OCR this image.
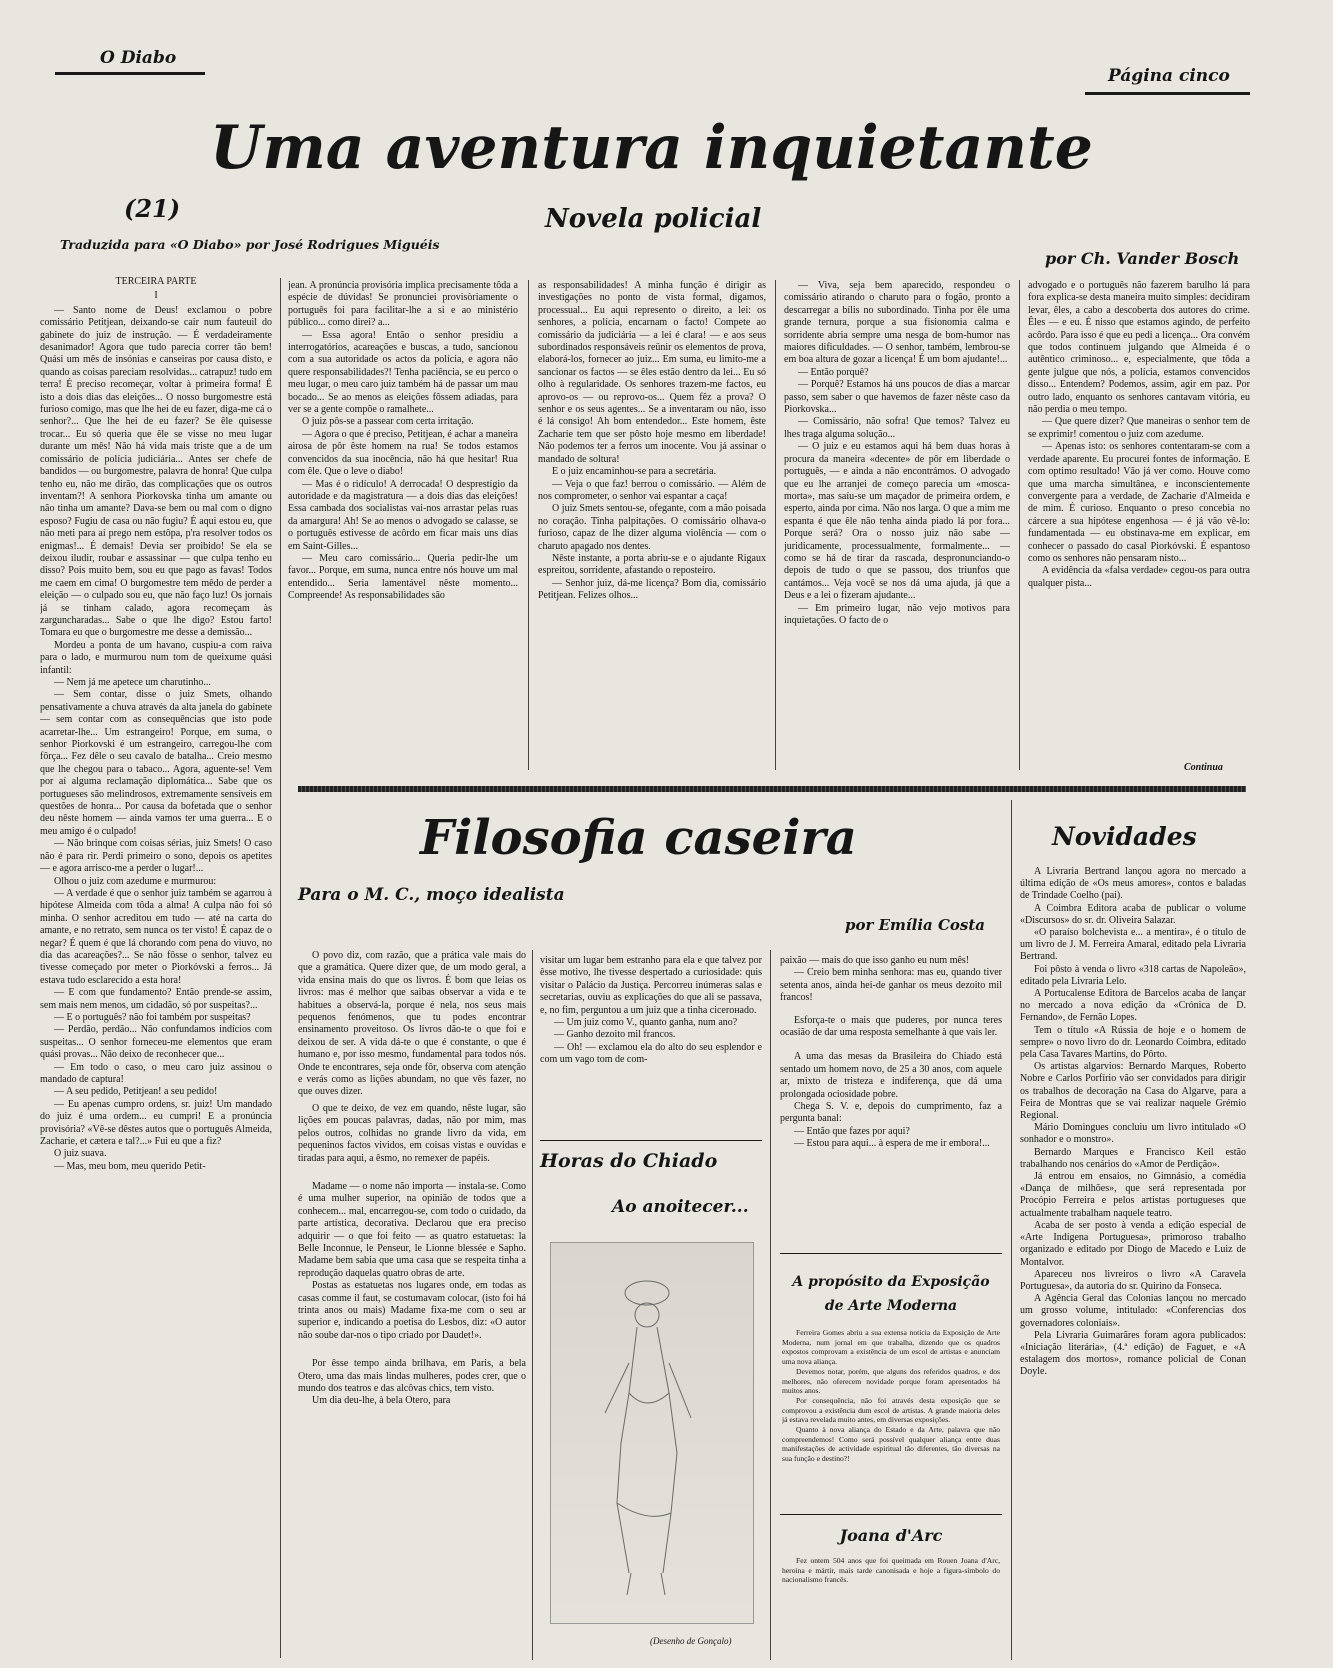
O Diabo
Página cinco
Uma aventura inquietante
(21)	Novela policial
Traduzida para «O Diabo» por José Rodrigues Miguéis
por Ch. Vander Bosch
TERCEIRA PARTE
I

— Santo nome de Deus! exclamou o pobre comissário Petitjean, deixando-se cair num fauteuil do gabinete do juiz de instrução. — É verdadeiramente desanimador! Agora que tudo parecia correr tão bem! Quási um mês de insónias e canseiras por causa disto, e quando as coisas pareciam resolvidas... catrapuz! tudo em terra! É preciso recomeçar, voltar à primeira forma! É isto a dois dias das eleições... O nosso burgomestre está furioso comigo, mas que lhe hei de eu fazer, diga-me cá o senhor?... Que lhe hei de eu fazer? Se êle quisesse trocar... Eu só queria que êle se visse no meu lugar durante um mês! Não há vida mais triste que a de um comissário de polícia judiciária... Antes ser chefe de bandidos — ou burgomestre, palavra de honra! Que culpa tenho eu, não me dirão, das complicações que os outros inventam?! A senhora Piorkovska tinha um amante ou não tinha um amante? Dava-se bem ou mal com o digno esposo? Fugiu de casa ou não fugiu? É aqui estou eu, que não meti para aí prego nem estôpa, p'ra resolver todos os enigmas!... É demais! Devia ser proibido! Se ela se deixou iludir, roubar e assassinar — que culpa tenho eu disso? Pois muito bem, sou eu que pago as favas! Todos me caem em cima! O burgomestre tem mêdo de perder a eleição — o culpado sou eu, que não faço luz! Os jornais já se tinham calado, agora recomeçam às zarguncharadas... Sabe o que lhe digo? Estou farto! Tomara eu que o burgomestre me desse a demissão...

Mordeu a ponta de um havano, cuspiu-a com raiva para o lado, e murmurou num tom de queixume quási infantil:

— Nem já me apetece um charutinho...

— Sem contar, disse o juiz Smets, olhando pensativamente a chuva através da alta janela do gabinete — sem contar com as consequências que isto pode acarretar-lhe... Um estrangeiro! Porque, em suma, o senhor Piorkovski é um estrangeiro, carregou-lhe com fôrça... Fez dêle o seu cavalo de batalha... Creio mesmo que lhe chegou para o tabaco... Agora, aguente-se! Vem por aí alguma reclamação diplomática... Sabe que os portugueses são melindrosos, extremamente sensíveis em questões de honra... Por causa da bofetada que o senhor deu nêste homem — ainda vamos ter uma guerra... E o meu amigo é o culpado!

— Não brinque com coisas sérias, juiz Smets! O caso não é para rir. Perdi primeiro o sono, depois os apetites — e agora arrisco-me a perder o lugar!...

Olhou o juiz com azedume e murmurou:

— A verdade é que o senhor juiz também se agarrou à hipótese Almeida com tôda a alma! A culpa não foi só minha. O senhor acreditou em tudo — até na carta do amante, e no retrato, sem nunca os ter visto! É capaz de o negar? É quem é que lá chorando com pena do viuvo, no dia das acareações?... Se não fôsse o senhor, talvez eu tivesse começado por meter o Piorkóvski a ferros... Já estava tudo esclarecido a esta hora!

— E com que fundamento? Então prende-se assim, sem mais nem menos, um cidadão, só por suspeitas?...

— E o português? não foi também por suspeitas?

— Perdão, perdão... Não confundamos indícios com suspeitas... O senhor forneceu-me elementos que eram quási provas... Não deixo de reconhecer que...

— Em todo o caso, o meu caro juiz assinou o mandado de captura!

— A seu pedido, Petitjean! a seu pedido!

— Eu apenas cumpro ordens, sr. juiz! Um mandado do juiz é uma ordem... eu cumpri! E a pronúncia provisória? «Vê-se dêstes autos que o português Almeida, Zacharie, et cætera e tal?...» Fui eu que a fiz?

O juiz suava.

— Mas, meu bom, meu querido Petit-

jean. A pronúncia provisória implica precisamente tôda a espécie de dúvidas! Se pronunciei provisòriamente o português foi para facilitar-lhe a si e ao ministério público... como direi? a...

— Essa agora! Então o senhor presidiu a interrogatórios, acareações e buscas, a tudo, sancionou com a sua autoridade os actos da polícia, e agora não quere responsabilidades?! Tenha paciência, se eu perco o meu lugar, o meu caro juiz também há de passar um mau bocado... Se ao menos as eleições fôssem adiadas, para ver se a gente compõe o ramalhete...

O juiz pôs-se a passear com certa irritação.

— Agora o que é preciso, Petitjean, é achar a maneira airosa de pôr êste homem na rua! Se todos estamos convencidos da sua inocência, não há que hesitar! Rua com êle. Que o leve o diabo!

— Mas é o ridículo! A derrocada! O desprestígio da autoridade e da magistratura — a dois dias das eleições! Essa cambada dos socialistas vai-nos arrastar pelas ruas da amargura! Ah! Se ao menos o advogado se calasse, se o português estivesse de acôrdo em ficar mais uns dias em Saint-Gilles...

— Meu caro comissário... Queria pedir-lhe um favor... Porque, em suma, nunca entre nós houve um mal entendido... Seria lamentável nêste momento... Compreende! As responsabilidades são

as responsabilidades! A minha função é dirigir as investigações no ponto de vista formal, digamos, processual... Eu aqui represento o direito, a lei: os senhores, a polícia, encarnam o facto! Compete ao comissário da judiciária — a lei é clara! — e aos seus subordinados responsáveis reünir os elementos de prova, elaborá-los, fornecer ao juiz... Em suma, eu limito-me a sancionar os factos — se êles estão dentro da lei... Eu só olho à regularidade. Os senhores trazem-me factos, eu aprovo-os — ou reprovo-os... Quem fêz a prova? O senhor e os seus agentes... Se a inventaram ou não, isso é lá consigo! Ah bom entendedor... Este homem, êste Zacharie tem que ser pôsto hoje mesmo em liberdade! Não podemos ter a ferros um inocente. Vou já assinar o mandado de soltura!

E o juiz encaminhou-se para a secretária.

— Veja o que faz! berrou o comissário. — Além de nos comprometer, o senhor vai espantar a caça!

O juiz Smets sentou-se, ofegante, com a mão poisada no coração. Tinha palpitações. O comissário olhava-o furioso, capaz de lhe dizer alguma violência — com o charuto apagado nos dentes.

Nêste instante, a porta abriu-se e o ajudante Rigaux espreitou, sorridente, afastando o reposteiro.

— Senhor juiz, dá-me licença? Bom dia, comissário Petitjean. Felizes olhos...

— Viva, seja bem aparecido, respondeu o comissário atirando o charuto para o fogão, pronto a descarregar a bílis no subordinado. Tinha por êle uma grande ternura, porque a sua fisionomia calma e sorridente abria sempre uma nesga de bom-humor nas maiores dificuldades. — O senhor, também, lembrou-se em boa altura de gozar a licença! É um bom ajudante!...

— Então porquê?

— Porquê? Estamos há uns poucos de dias a marcar passo, sem saber o que havemos de fazer nêste caso da Piorkovska...

— Comissário, não sofra! Que temos? Talvez eu lhes traga alguma solução...

— O juiz e eu estamos aqui há bem duas horas à procura da maneira «decente» de pôr em liberdade o português, — e ainda a não encontrámos. O advogado que eu lhe arranjei de começo parecia um «mosca-morta», mas saíu-se um maçador de primeira ordem, e esperto, ainda por cima. Não nos larga. O que a mim me espanta é que êle não tenha ainda piado lá por fora... Porque será? Ora o nosso juiz não sabe — juridicamente, processualmente, formalmente... — como se há de tirar da rascada, despronunciando-o depois de tudo o que se passou, dos triunfos que cantámos... Veja você se nos dá uma ajuda, já que a Deus e a lei o fizeram ajudante...

— Em primeiro lugar, não vejo motivos para inquietações. O facto de o

advogado e o português não fazerem barulho lá para fora explica-se desta maneira muito simples: decidiram levar, êles, a cabo a descoberta dos autores do crime. Êles — e eu. É nisso que estamos agindo, de perfeito acôrdo. Para isso é que eu pedi a licença... Ora convém que todos continuem julgando que Almeida é o autêntico criminoso... e, especialmente, que tôda a gente julgue que nós, a polícia, estamos convencidos disso... Entendem? Podemos, assim, agir em paz. Por outro lado, enquanto os senhores cantavam vitória, eu não perdia o meu tempo.

— Que quere dizer? Que maneiras o senhor tem de se exprimir! comentou o juiz com azedume.

— Apenas isto: os senhores contentaram-se com a verdade aparente. Eu procurei fontes de informação. E com optimo resultado! Vão já ver como. Houve como que uma marcha simultânea, e inconscientemente convergente para a verdade, de Zacharie d'Almeida e de mim. É curioso. Enquanto o preso concebia no cárcere a sua hipótese engenhosa — é já vão vê-lo: fundamentada — eu obstinava-me em explicar, em conhecer o passado do casal Piorkóvski. É espantoso como os senhores não pensaram nisto...

A evidência da «falsa verdade» cegou-os para outra qualquer pista...

Continua
Filosofia caseira
Para o M. C., moço idealista
por Emília Costa

O povo diz, com razão, que a prática vale mais do que a gramática. Quere dizer que, de um modo geral, a vida ensina mais do que os livros. É bom que leias os livros: mas é melhor que saibas observar a vida e te habitues a observá-la, porque é nela, nos seus mais pequenos fenómenos, que tu podes encontrar ensinamento proveitoso. Os livros dão-te o que foi e deixou de ser. A vida dá-te o que é constante, o que é humano e, por isso mesmo, fundamental para todos nós. Onde te encontrares, seja onde fôr, observa com atenção e verás como as lições abundam, no que vês fazer, no que ouves dizer.

O que te deixo, de vez em quando, nêste lugar, são lições em poucas palavras, dadas, não por mim, mas pelos outros, colhidas no grande livro da vida, em pequeninos factos vividos, em coisas vistas e ouvidas e tiradas para aqui, a êsmo, no remexer de papéis.

Madame — o nome não importa — instala-se. Como é uma mulher superior, na opinião de todos que a conhecem... mal, encarregou-se, com todo o cuidado, da parte artística, decorativa. Declarou que era preciso adquirir — o que foi feito — as quatro estatuetas: la Belle Inconnue, le Penseur, le Lionne blessée e Sapho. Madame bem sabia que uma casa que se respeita tinha a reprodução daquelas quatro obras de arte.

Postas as estatuetas nos lugares onde, em todas as casas comme il faut, se costumavam colocar, (isto foi há trinta anos ou mais) Madame fixa-me com o seu ar superior e, indicando a poetisa do Lesbos, diz: «O autor não soube dar-nos o tipo criado por Daudet!».

Por êsse tempo ainda brilhava, em Paris, a bela Otero, uma das mais lindas mulheres, podes crer, que o mundo dos teatros e das alcôvas chics, tem visto.

Um dia deu-lhe, à bela Otero, para

visitar um lugar bem estranho para ela e que talvez por êsse motivo, lhe tivesse despertado a curiosidade: quis visitar o Palácio da Justiça. Percorreu inúmeras salas e secretarias, ouviu as explicações do que ali se passava, e, no fim, perguntou a um juiz que a tinha cicerонado.

— Um juiz como V., quanto ganha, num ano?

— Ganho dezoito mil francos.

— Oh! — exclamou ela do alto do seu esplendor e com um vago tom de com-

Horas do Chiado
Ao anoitecer...
(Desenho de Gonçalo)

paixão — mais do que isso ganho eu num mês!

— Creio bem minha senhora: mas eu, quando tiver setenta anos, ainda hei-de ganhar os meus dezoito mil francos!

Esforça-te o mais que puderes, por nunca teres ocasião de dar uma resposta semelhante à que vais ler.

A uma das mesas da Brasileira do Chiado está sentado um homem novo, de 25 a 30 anos, com aquele ar, mixto de tristeza e indiferença, que dá uma prolongada ociosidade pobre.

Chega S. V. e, depois do cumprimento, faz a pergunta banal:

— Então que fazes por aqui?

— Estou para aqui... à espera de me ir embora!...

A propósito da Exposição
de Arte Moderna

Ferreira Gomes abriu a sua extensa notícia da Exposição de Arte Moderna, num jornal em que trabalha, dizendo que os quadros expostos comprovam a existência de um escol de artistas e anunciam uma nova aliança.

Devemos notar, porém, que alguns dos referidos quadros, e dos melhores, não oferecem novidade porque foram apresentados há muitos anos.

Por consequência, não foi através desta exposição que se comprovou a existência dum escol de artistas. A grande maioria deles já estava revelada muito antes, em diversas exposições.

Quanto à nova aliança do Estado e da Arte, palavra que não compreendemos! Como será possível qualquer aliança entre duas manifestações de actividade espiritual tão diferentes, tão diversas na sua função e destino?!

Joana d'Arc

Fez ontem 504 anos que foi queimada em Rouen Joana d'Arc, heroina e mártir, mais tarde canonisada e hoje a figura-símbolo do nacionalismo francês.

Novidades

A Livraria Bertrand lançou agora no mercado a última edição de «Os meus amores», contos e baladas de Trindade Coelho (pai).

A Coimbra Editora acaba de publicar o volume «Discursos» do sr. dr. Oliveira Salazar.

«O paraíso bolchevista e... a mentira», é o título de um livro de J. M. Ferreira Amaral, editado pela Livraria Bertrand.

Foi pôsto à venda o livro «318 cartas de Napoleão», editado pela Livraria Lelo.

A Portucalense Editora de Barcelos acaba de lançar no mercado a nova edição da «Crónica de D. Fernando», de Fernão Lopes.

Tem o título «A Rússia de hoje e o homem de sempre» o novo livro do dr. Leonardo Coimbra, editado pela Casa Tavares Martins, do Pôrto.

Os artistas algarvios: Bernardo Marques, Roberto Nobre e Carlos Porfírio vão ser convidados para dirigir os trabalhos de decoração na Casa do Algarve, para a Feira de Montras que se vai realizar naquele Grémio Regional.

Mário Domingues concluiu um livro intitulado «O sonhador e o monstro».

Bernardo Marques e Francisco Keil estão trabalhando nos cenários do «Amor de Perdição».

Já entrou em ensaios, no Gimnásio, a comédia «Dança de milhões», que será representada por Procópio Ferreira e pelos artistas portugueses que actualmente trabalham naquele teatro.

Acaba de ser posto à venda a edição especial de «Arte Indígena Portuguesa», primoroso trabalho organizado e editado por Diogo de Macedo e Luiz de Montalvor.

Apareceu nos livreiros o livro «A Caravela Portuguesa», da autoria do sr. Quirino da Fonseca.

A Agência Geral das Colonias lançou no mercado um grosso volume, intitulado: «Conferencias dos governadores coloniais».

Pela Livraria Guimarãres foram agora publicados: «Iniciação literária», (4.ª edição) de Faguet, e «A estalagem dos mortos», romance policial de Conan Doyle.
